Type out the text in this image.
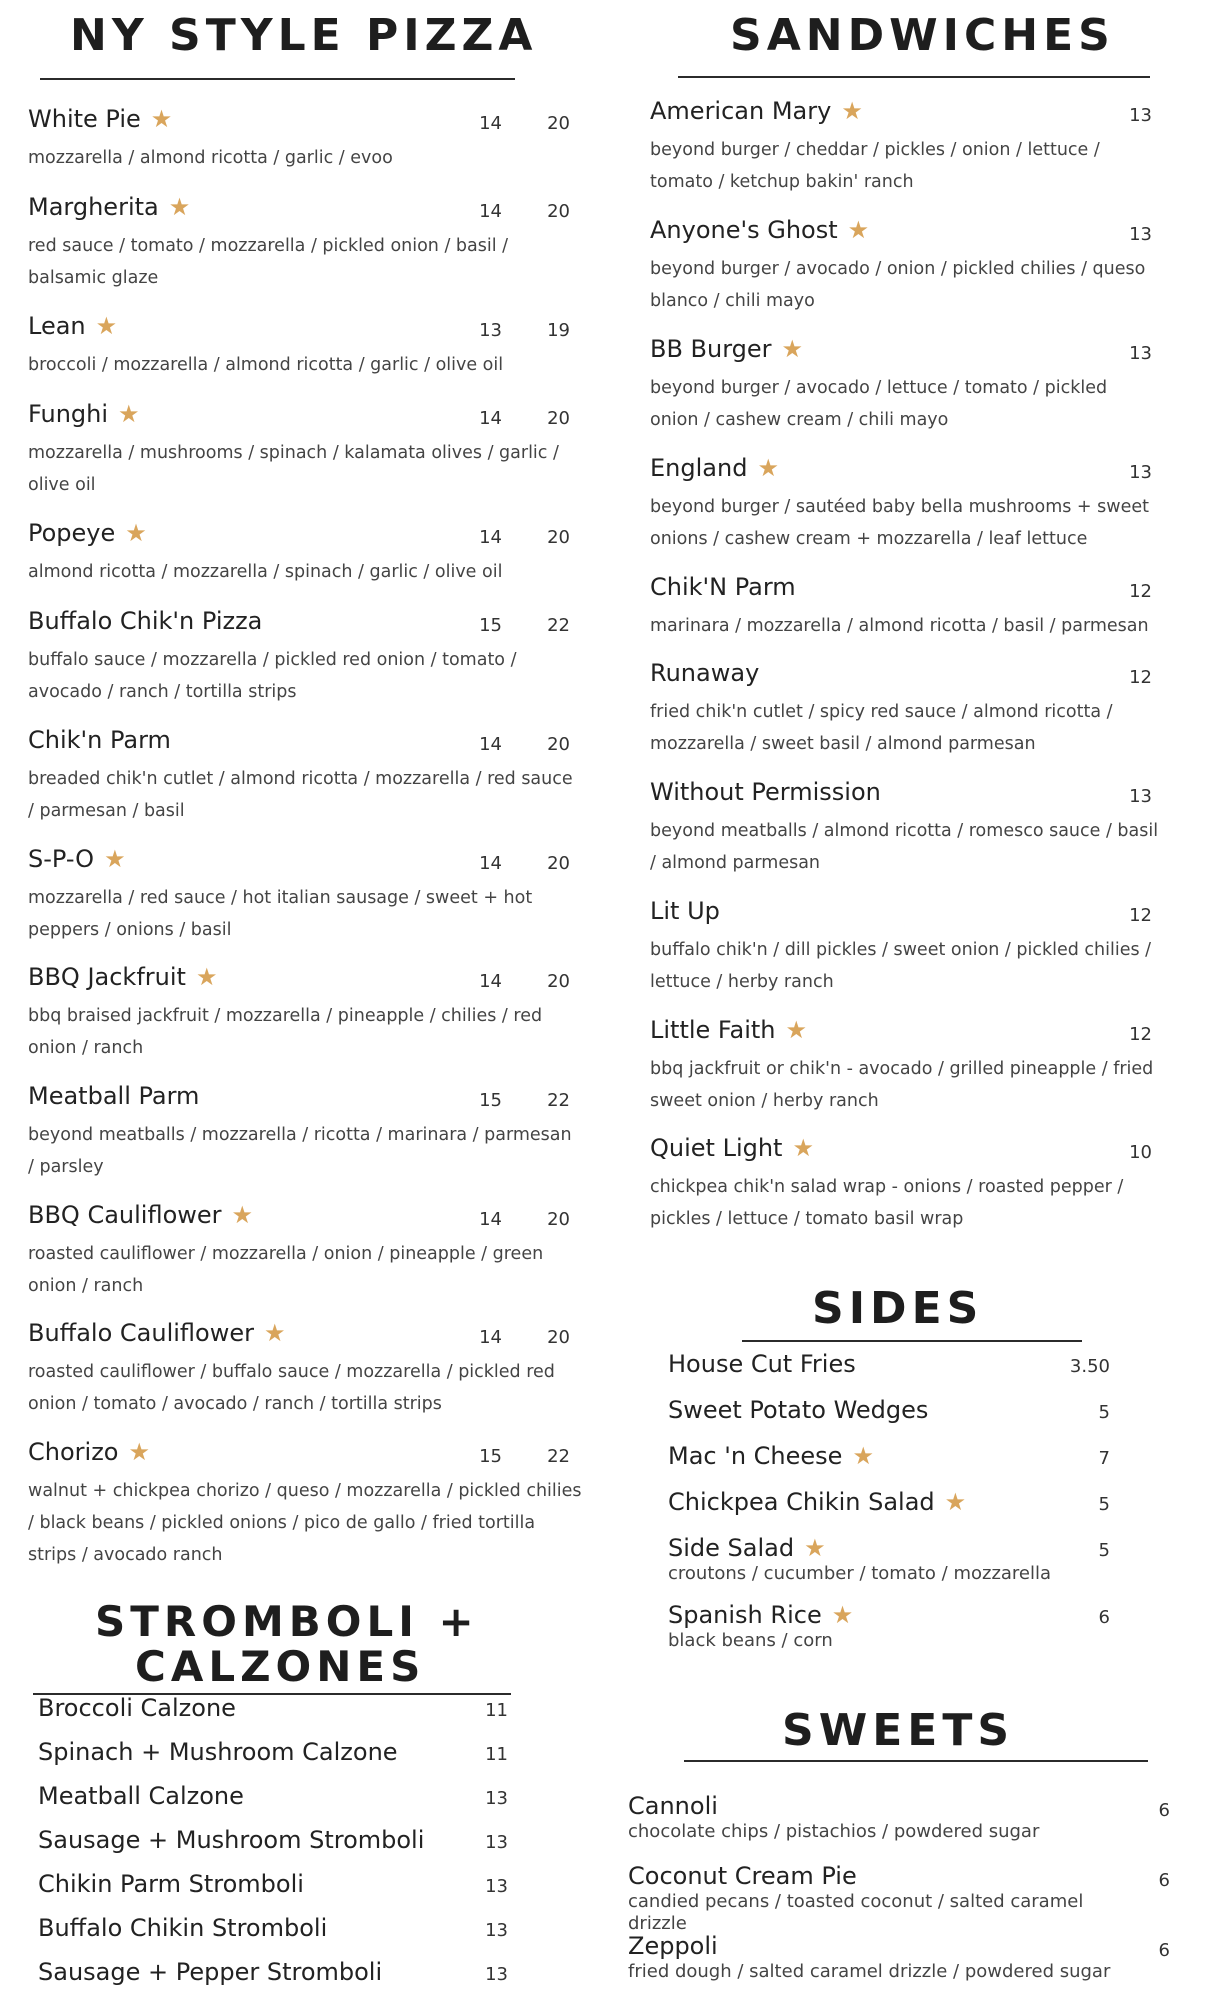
NY STYLE PIZZA	SANDWICHES
SIDES
STROMBOLI +
CALZONES
SWEETS
White Pie ★	14	20
mozzarella / almond ricotta / garlic / evoo
Margherita ★	14	20
red sauce / tomato / mozzarella / pickled onion / basil / balsamic glaze
Lean ★	13	19
broccoli / mozzarella / almond ricotta / garlic / olive oil
Funghi ★	14	20
mozzarella / mushrooms / spinach / kalamata olives / garlic / olive oil
Popeye ★	14	20
almond ricotta / mozzarella / spinach / garlic / olive oil
Buffalo Chik'n Pizza	15	22
buffalo sauce / mozzarella / pickled red onion / tomato / avocado / ranch / tortilla strips
Chik'n Parm	14	20
breaded chik'n cutlet / almond ricotta / mozzarella / red sauce / parmesan / basil
S-P-O ★	14	20
mozzarella / red sauce / hot italian sausage / sweet + hot peppers / onions / basil
BBQ Jackfruit ★	14	20
bbq braised jackfruit / mozzarella / pineapple / chilies / red onion / ranch
Meatball Parm	15	22
beyond meatballs / mozzarella / ricotta / marinara / parmesan / parsley
BBQ Cauliflower ★	14	20
roasted cauliflower / mozzarella / onion / pineapple / green onion / ranch
Buffalo Cauliflower ★	14	20
roasted cauliflower / buffalo sauce / mozzarella / pickled red onion / tomato / avocado / ranch / tortilla strips
Chorizo ★	15	22
walnut + chickpea chorizo / queso / mozzarella / pickled chilies / black beans / pickled onions / pico de gallo / fried tortilla strips / avocado ranch
American Mary ★	13
beyond burger / cheddar / pickles / onion / lettuce / tomato / ketchup bakin' ranch
Anyone's Ghost ★	13
beyond burger / avocado / onion / pickled chilies / queso blanco / chili mayo
BB Burger ★	13
beyond burger / avocado / lettuce / tomato / pickled onion / cashew cream / chili mayo
England ★	13
beyond burger / sautéed baby bella mushrooms + sweet onions / cashew cream + mozzarella / leaf lettuce
Chik'N Parm	12
marinara / mozzarella / almond ricotta / basil / parmesan
Runaway	12
fried chik'n cutlet / spicy red sauce / almond ricotta / mozzarella / sweet basil / almond parmesan
Without Permission	13
beyond meatballs / almond ricotta / romesco sauce / basil / almond parmesan
Lit Up	12
buffalo chik'n / dill pickles / sweet onion / pickled chilies / lettuce / herby ranch
Little Faith ★	12
bbq jackfruit or chik'n - avocado / grilled pineapple / fried sweet onion / herby ranch
Quiet Light ★	10
chickpea chik'n salad wrap - onions / roasted pepper / pickles / lettuce / tomato basil wrap
House Cut Fries	3.50
Sweet Potato Wedges	5
Mac 'n Cheese ★	7
Chickpea Chikin Salad ★	5
Side Salad ★	5
croutons / cucumber / tomato / mozzarella
Spanish Rice ★	6
black beans / corn
Broccoli Calzone	11
Spinach + Mushroom Calzone	11
Meatball Calzone	13
Sausage + Mushroom Stromboli	13
Chikin Parm Stromboli	13
Buffalo Chikin Stromboli	13
Sausage + Pepper Stromboli	13
Cannoli	6
chocolate chips / pistachios / powdered sugar
Coconut Cream Pie	6
candied pecans / toasted coconut / salted caramel drizzle
Zeppoli	6
fried dough / salted caramel drizzle / powdered sugar
